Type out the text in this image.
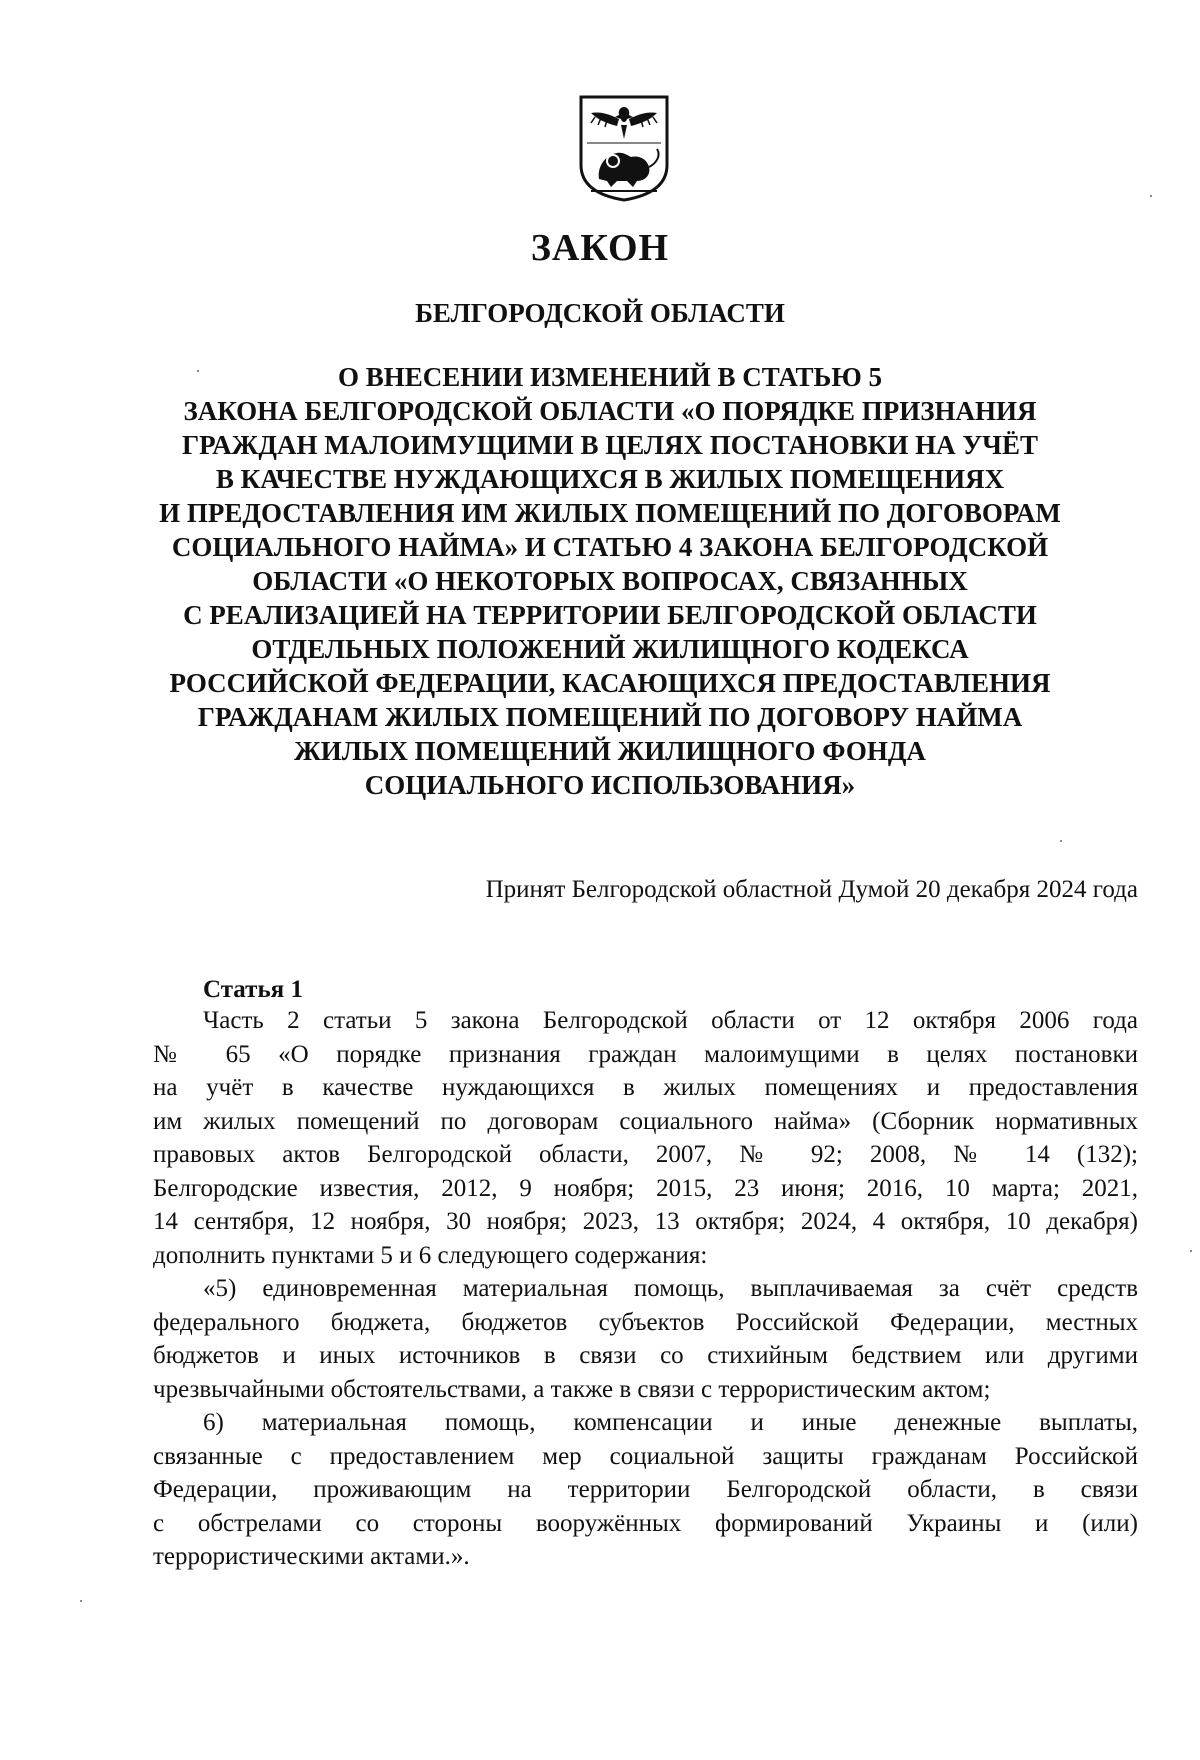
ЗАКОН
БЕЛГОРОДСКОЙ ОБЛАСТИ
О ВНЕСЕНИИ ИЗМЕНЕНИЙ В СТАТЬЮ 5
ЗАКОНА БЕЛГОРОДСКОЙ ОБЛАСТИ «О ПОРЯДКЕ ПРИЗНАНИЯ
ГРАЖДАН МАЛОИМУЩИМИ В ЦЕЛЯХ ПОСТАНОВКИ НА УЧЁТ
В КАЧЕСТВЕ НУЖДАЮЩИХСЯ В ЖИЛЫХ ПОМЕЩЕНИЯХ
И ПРЕДОСТАВЛЕНИЯ ИМ ЖИЛЫХ ПОМЕЩЕНИЙ ПО ДОГОВОРАМ
СОЦИАЛЬНОГО НАЙМА» И СТАТЬЮ 4 ЗАКОНА БЕЛГОРОДСКОЙ
ОБЛАСТИ «О НЕКОТОРЫХ ВОПРОСАХ, СВЯЗАННЫХ
С РЕАЛИЗАЦИЕЙ НА ТЕРРИТОРИИ БЕЛГОРОДСКОЙ ОБЛАСТИ
ОТДЕЛЬНЫХ ПОЛОЖЕНИЙ ЖИЛИЩНОГО КОДЕКСА
РОССИЙСКОЙ ФЕДЕРАЦИИ, КАСАЮЩИХСЯ ПРЕДОСТАВЛЕНИЯ
ГРАЖДАНАМ ЖИЛЫХ ПОМЕЩЕНИЙ ПО ДОГОВОРУ НАЙМА
ЖИЛЫХ ПОМЕЩЕНИЙ ЖИЛИЩНОГО ФОНДА
СОЦИАЛЬНОГО ИСПОЛЬЗОВАНИЯ»

Принят Белгородской областной Думой 20 декабря 2024 года

Статья 1
Часть 2 статьи 5 закона Белгородской области от 12 октября 2006 года
№ 65 «О порядке признания граждан малоимущими в целях постановки
на учёт в качестве нуждающихся в жилых помещениях и предоставления
им жилых помещений по договорам социального найма» (Сборник нормативных
правовых актов Белгородской области, 2007, № 92; 2008, № 14 (132);
Белгородские известия, 2012, 9 ноября; 2015, 23 июня; 2016, 10 марта; 2021,
14 сентября, 12 ноября, 30 ноября; 2023, 13 октября; 2024, 4 октября, 10 декабря)
дополнить пунктами 5 и 6 следующего содержания:
«5) единовременная материальная помощь, выплачиваемая за счёт средств
федерального бюджета, бюджетов субъектов Российской Федерации, местных
бюджетов и иных источников в связи со стихийным бедствием или другими
чрезвычайными обстоятельствами, а также в связи с террористическим актом;
6) материальная помощь, компенсации и иные денежные выплаты,
связанные с предоставлением мер социальной защиты гражданам Российской
Федерации, проживающим на территории Белгородской области, в связи
с обстрелами со стороны вооружённых формирований Украины и (или)
террористическими актами.».
